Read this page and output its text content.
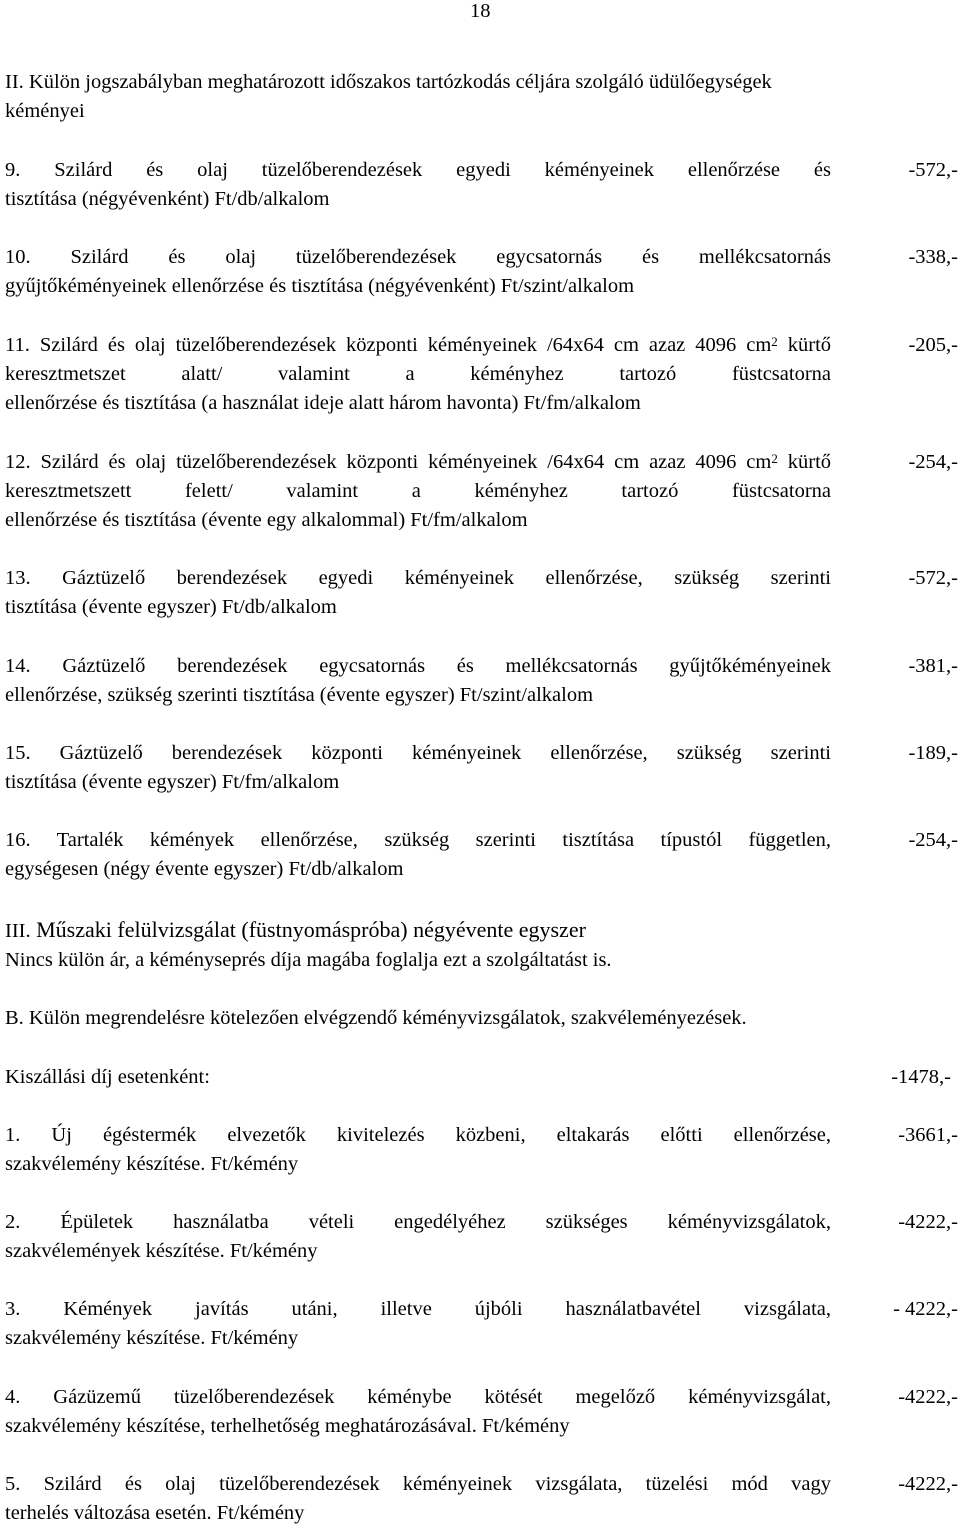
18
II. Külön jogszabályban meghatározott időszakos tartózkodás céljára szolgáló üdülőegységek
kéményei
9. Szilárd és olaj tüzelőberendezések egyedi kéményeinek ellenőrzése és
tisztítása (négyévenként) Ft/db/alkalom
-572,-
10. Szilárd és olaj tüzelőberendezések egycsatornás és mellékcsatornás
gyűjtőkéményeinek ellenőrzése és tisztítása (négyévenként) Ft/szint/alkalom
-338,-
11. Szilárd és olaj tüzelőberendezések központi kéményeinek /64x64 cm azaz 4096 $cm^2$ kürtő keresztmetszet alatt/ valamint a kéményhez tartozó füstcsatorna
ellenőrzése és tisztítása (a használat ideje alatt három havonta) Ft/fm/alkalom
-205,-
12. Szilárd és olaj tüzelőberendezések központi kéményeinek /64x64 cm azaz 4096 $cm^2$ kürtő keresztmetszett felett/ valamint a kéményhez tartozó füstcsatorna
ellenőrzése és tisztítása (évente egy alkalommal) Ft/fm/alkalom
-254,-
13. Gáztüzelő berendezések egyedi kéményeinek ellenőrzése, szükség szerinti
tisztítása (évente egyszer) Ft/db/alkalom
-572,-
14. Gáztüzelő berendezések egycsatornás és mellékcsatornás gyűjtőkéményeinek
ellenőrzése, szükség szerinti tisztítása (évente egyszer) Ft/szint/alkalom
-381,-
15. Gáztüzelő berendezések központi kéményeinek ellenőrzése, szükség szerinti
tisztítása (évente egyszer) Ft/fm/alkalom
-189,-
16. Tartalék kémények ellenőrzése, szükség szerinti tisztítása típustól független,
egységesen (négy évente egyszer) Ft/db/alkalom
-254,-
III. Műszaki felülvizsgálat (füstnyomáspróba) négyévente egyszer
Nincs külön ár, a kéményseprés díja magába foglalja ezt a szolgáltatást is.
B. Külön megrendelésre kötelezően elvégzendő kéményvizsgálatok, szakvéleményezések.
Kiszállási díj esetenként:	-1478,-
1. Új égéstermék elvezetők kivitelezés közbeni, eltakarás előtti ellenőrzése,
szakvélemény készítése. Ft/kémény
-3661,-
2. Épületek használatba vételi engedélyéhez szükséges kéményvizsgálatok,
szakvélemények készítése. Ft/kémény
-4222,-
3. Kémények javítás utáni, illetve újbóli használatbavétel vizsgálata,
szakvélemény készítése. Ft/kémény
- 4222,-
4. Gázüzemű tüzelőberendezések kéménybe kötését megelőző kéményvizsgálat,
szakvélemény készítése, terhelhetőség meghatározásával. Ft/kémény
-4222,-
5. Szilárd és olaj tüzelőberendezések kéményeinek vizsgálata, tüzelési mód vagy
terhelés változása esetén. Ft/kémény
-4222,-
